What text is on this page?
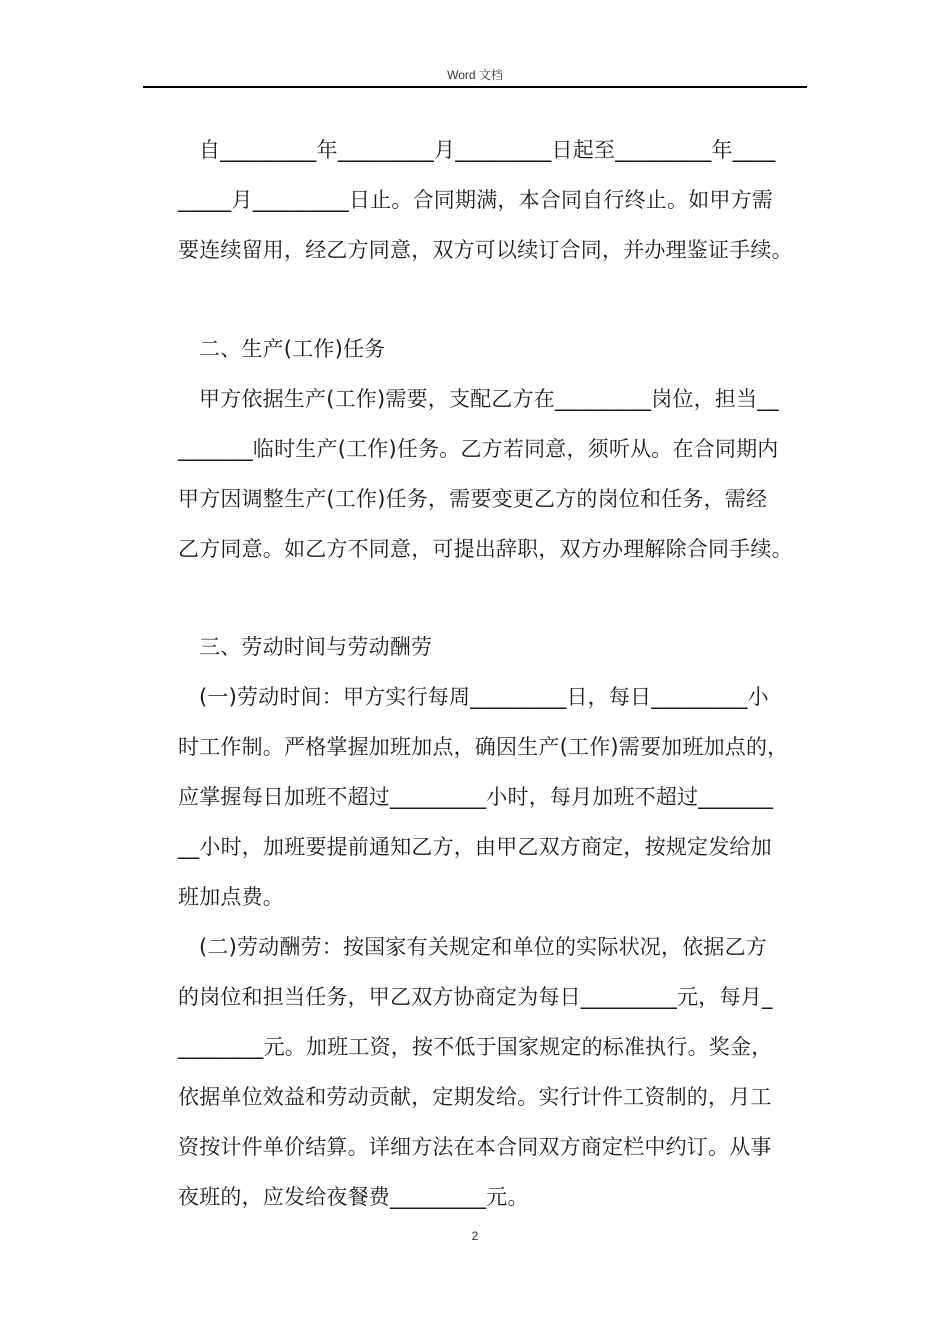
Word 文档
自_________年_________月_________日起至_________年____
_____月_________日止。合同期满，本合同自行终止。如甲方需
要连续留用，经乙方同意，双方可以续订合同，并办理鉴证手续。
二、生产(工作)任务
甲方依据生产(工作)需要，支配乙方在_________岗位，担当__
_______临时生产(工作)任务。乙方若同意，须听从。在合同期内
甲方因调整生产(工作)任务，需要变更乙方的岗位和任务，需经
乙方同意。如乙方不同意，可提出辞职，双方办理解除合同手续。
三、劳动时间与劳动酬劳
(一)劳动时间：甲方实行每周_________日，每日_________小
时工作制。严格掌握加班加点，确因生产(工作)需要加班加点的，
应掌握每日加班不超过_________小时，每月加班不超过_______
__小时，加班要提前通知乙方，由甲乙双方商定，按规定发给加
班加点费。
(二)劳动酬劳：按国家有关规定和单位的实际状况，依据乙方
的岗位和担当任务，甲乙双方协商定为每日_________元，每月_
________元。加班工资，按不低于国家规定的标准执行。奖金，
依据单位效益和劳动贡献，定期发给。实行计件工资制的，月工
资按计件单价结算。详细方法在本合同双方商定栏中约订。从事
夜班的，应发给夜餐费_________元。
2
